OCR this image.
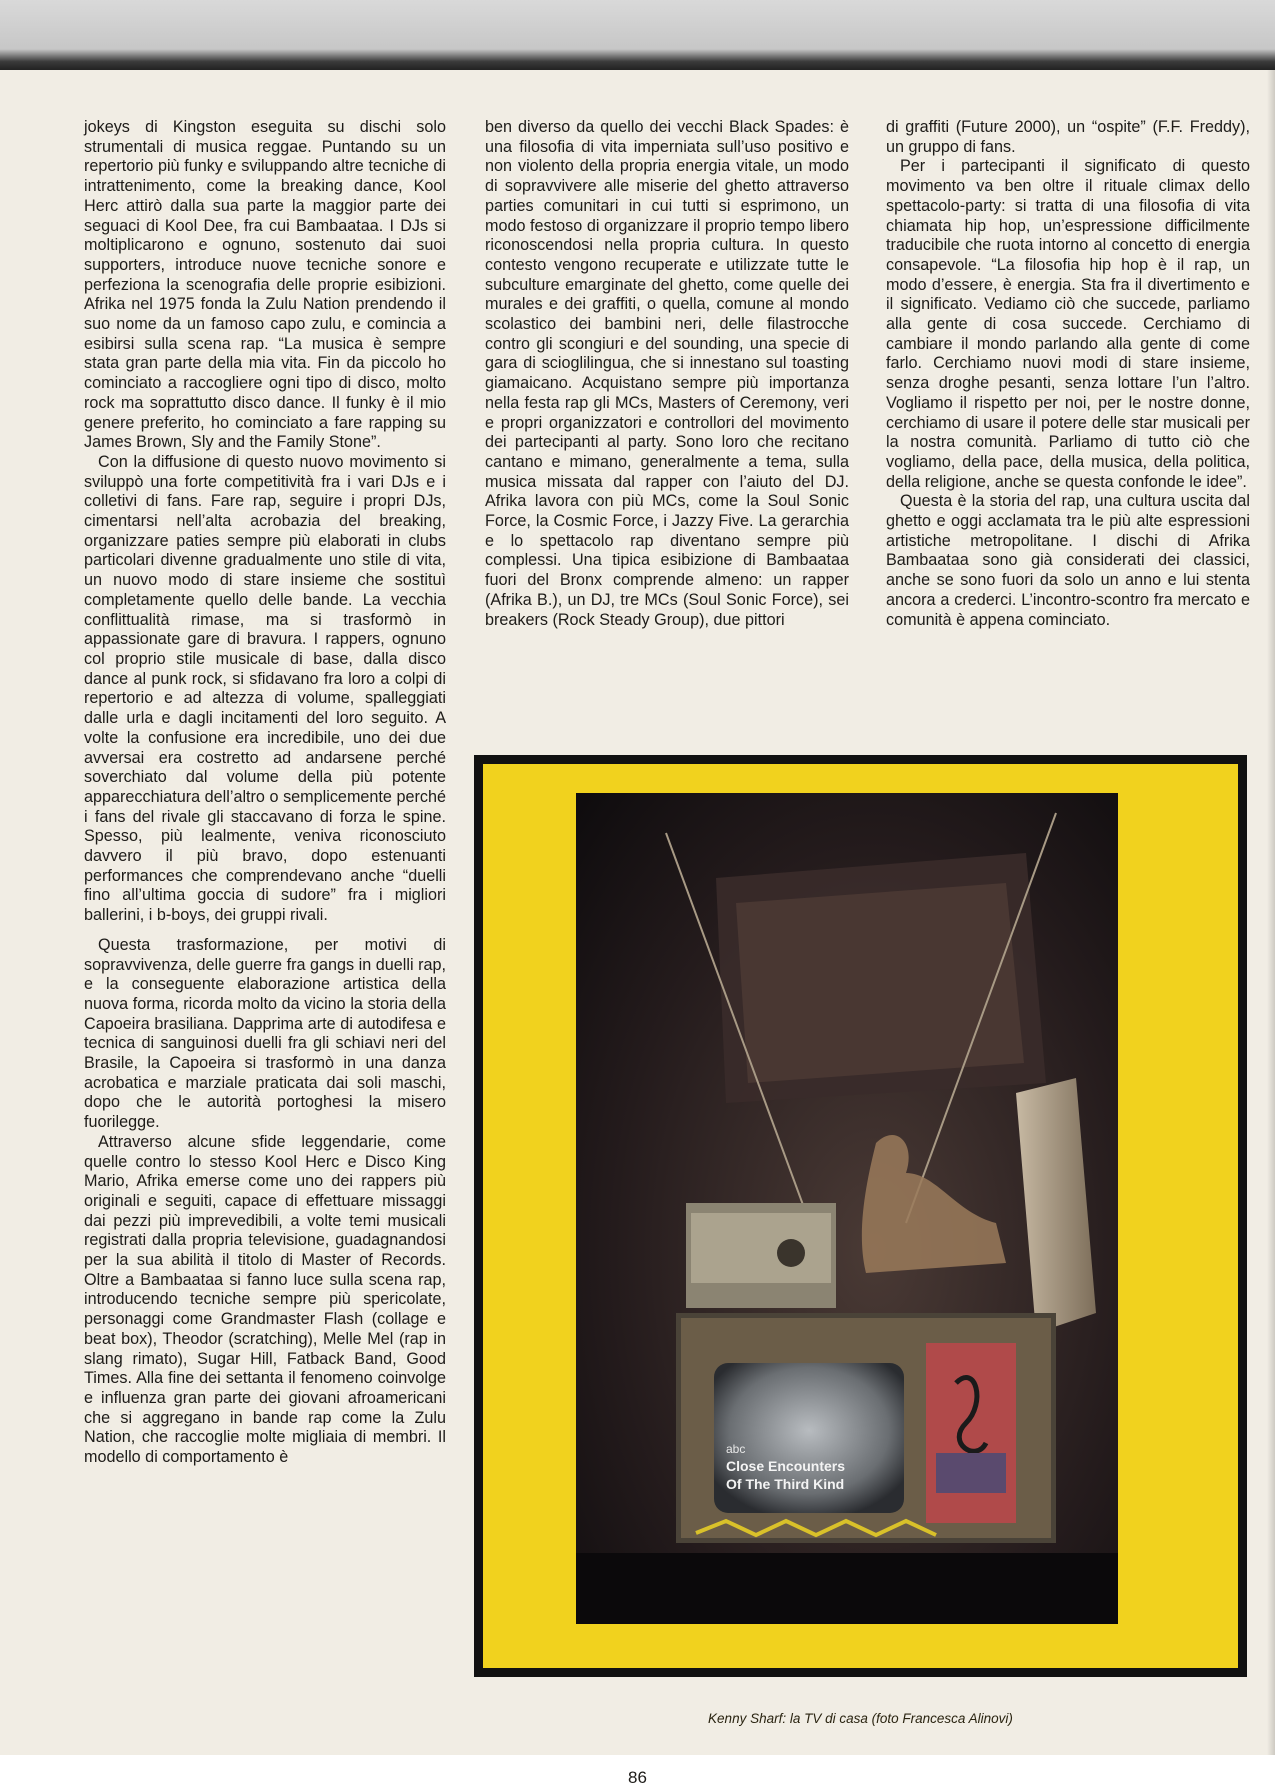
jokeys di Kingston eseguita su dischi solo strumentali di musica reggae. Puntando su un repertorio più funky e sviluppando altre tecniche di intrattenimento, come la breaking dance, Kool Herc attirò dalla sua parte la maggior parte dei seguaci di Kool Dee, fra cui Bambaataa. I DJs si moltiplicarono e ognuno, sostenuto dai suoi supporters, introduce nuove tecniche sonore e perfeziona la scenografia delle proprie esibizioni. Afrika nel 1975 fonda la Zulu Nation prendendo il suo nome da un famoso capo zulu, e comincia a esibirsi sulla scena rap. “La musica è sempre stata gran parte della mia vita. Fin da piccolo ho cominciato a raccogliere ogni tipo di disco, molto rock ma soprattutto disco dance. Il funky è il mio genere preferito, ho cominciato a fare rapping su James Brown, Sly and the Family Stone”.

Con la diffusione di questo nuovo movimento si sviluppò una forte competitività fra i vari DJs e i colletivi di fans. Fare rap, seguire i propri DJs, cimentarsi nell’alta acrobazia del breaking, organizzare paties sempre più elaborati in clubs particolari divenne gradualmente uno stile di vita, un nuovo modo di stare insieme che sostituì completamente quello delle bande. La vecchia conflittualità rimase, ma si trasformò in appassionate gare di bravura. I rappers, ognuno col proprio stile musicale di base, dalla disco dance al punk rock, si sfidavano fra loro a colpi di repertorio e ad altezza di volume, spalleggiati dalle urla e dagli incitamenti del loro seguito. A volte la confusione era incredibile, uno dei due avversai era costretto ad andarsene perché soverchiato dal volume della più potente apparecchiatura dell’altro o semplicemente perché i fans del rivale gli staccavano di forza le spine. Spesso, più lealmente, veniva riconosciuto davvero il più bravo, dopo estenuanti performances che comprendevano anche “duelli fino all’ultima goccia di sudore” fra i migliori ballerini, i b-boys, dei gruppi rivali.

Questa trasformazione, per motivi di sopravvivenza, delle guerre fra gangs in duelli rap, e la conseguente elaborazione artistica della nuova forma, ricorda molto da vicino la storia della Capoeira brasiliana. Dapprima arte di autodifesa e tecnica di sanguinosi duelli fra gli schiavi neri del Brasile, la Capoeira si trasformò in una danza acrobatica e marziale praticata dai soli maschi, dopo che le autorità portoghesi la misero fuorilegge.

Attraverso alcune sfide leggendarie, come quelle contro lo stesso Kool Herc e Disco King Mario, Afrika emerse come uno dei rappers più originali e seguiti, capace di effettuare missaggi dai pezzi più imprevedibili, a volte temi musicali registrati dalla propria televisione, guadagnandosi per la sua abilità il titolo di Master of Records. Oltre a Bambaataa si fanno luce sulla scena rap, introducendo tecniche sempre più spericolate, personaggi come Grandmaster Flash (collage e beat box), Theodor (scratching), Melle Mel (rap in slang rimato), Sugar Hill, Fatback Band, Good Times. Alla fine dei settanta il fenomeno coinvolge e influenza gran parte dei giovani afroamericani che si aggregano in bande rap come la Zulu Nation, che raccoglie molte migliaia di membri. Il modello di comportamento è

ben diverso da quello dei vecchi Black Spades: è una filosofia di vita imperniata sull’uso positivo e non violento della propria energia vitale, un modo di sopravvivere alle miserie del ghetto attraverso parties comunitari in cui tutti si esprimono, un modo festoso di organizzare il proprio tempo libero riconoscendosi nella propria cultura. In questo contesto vengono recuperate e utilizzate tutte le subculture emarginate del ghetto, come quelle dei murales e dei graffiti, o quella, comune al mondo scolastico dei bambini neri, delle filastrocche contro gli scongiuri e del sounding, una specie di gara di scioglilingua, che si innestano sul toasting giamaicano. Acquistano sempre più importanza nella festa rap gli MCs, Masters of Ceremony, veri e propri organizzatori e controllori del movimento dei partecipanti al party. Sono loro che recitano cantano e mimano, generalmente a tema, sulla musica missata dal rapper con l’aiuto del DJ. Afrika lavora con più MCs, come la Soul Sonic Force, la Cosmic Force, i Jazzy Five. La gerarchia e lo spettacolo rap diventano sempre più complessi. Una tipica esibizione di Bambaataa fuori del Bronx comprende almeno: un rapper (Afrika B.), un DJ, tre MCs (Soul Sonic Force), sei breakers (Rock Steady Group), due pittori

di graffiti (Future 2000), un “ospite” (F.F. Freddy), un gruppo di fans.

Per i partecipanti il significato di questo movimento va ben oltre il rituale climax dello spettacolo-party: si tratta di una filosofia di vita chiamata hip hop, un’espressione difficilmente traducibile che ruota intorno al concetto di energia consapevole. “La filosofia hip hop è il rap, un modo d’essere, è energia. Sta fra il divertimento e il significato. Vediamo ciò che succede, parliamo alla gente di cosa succede. Cerchiamo di cambiare il mondo parlando alla gente di come farlo. Cerchiamo nuovi modi di stare insieme, senza droghe pesanti, senza lottare l’un l’altro. Vogliamo il rispetto per noi, per le nostre donne, cerchiamo di usare il potere delle star musicali per la nostra comunità. Parliamo di tutto ciò che vogliamo, della pace, della musica, della politica, della religione, anche se questa confonde le idee”.

Questa è la storia del rap, una cultura uscita dal ghetto e oggi acclamata tra le più alte espressioni artistiche metropolitane. I dischi di Afrika Bambaataa sono già considerati dei classici, anche se sono fuori da solo un anno e lui stenta ancora a crederci. L’incontro-scontro fra mercato e comunità è appena cominciato.

Kenny Sharf: la TV di casa (foto Francesca Alinovi)
86
abc
Close Encounters
Of The Third Kind
